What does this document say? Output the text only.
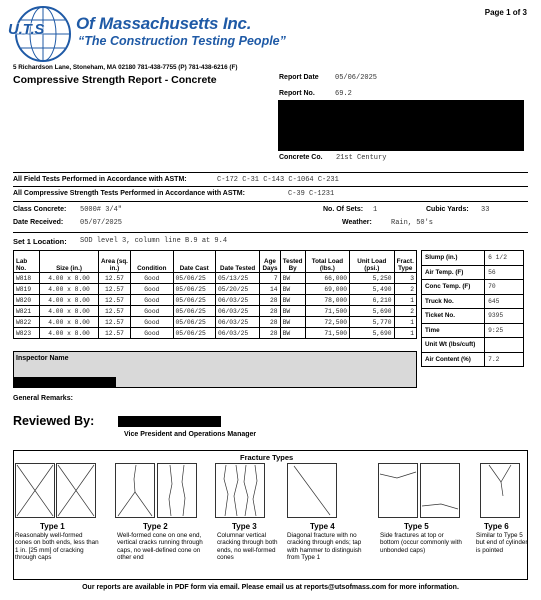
Page 1 of 3
U.T.S Of Massachusetts Inc.
“The Construction Testing People”
5 Richardson Lane, Stoneham, MA 02180 781-438-7755 (P) 781-438-6216 (F)
Compressive Strength Report - Concrete	Report Date 05/06/2025
Report No.	69.2
Concrete Co. 21st Century
All Field Tests Performed in Accordance with ASTM:	C-172 C-31 C-143 C-1064 C-231
All Compressive Strength Tests Performed in Accordance with ASTM:	C-39 C-1231
Class Concrete: 5000# 3/4"	No. Of Sets: 1	Cubic Yards: 33
Date Received: 05/07/2025	Weather:	Rain, 50's
Set 1 Location: SOD level 3, column line B.9 at 9.4
Lab No.	Size (in.)	Area (sq. in.)	Condition	Date Cast	Date Tested	Age Days	Tested By	Total Load (lbs.)	Unit Load (psi.)	Fract. Type
W818	4.00 x 8.00	12.57	Good	05/06/25	05/13/25	7	BW	66,000	5,250	3
W819	4.00 x 8.00	12.57	Good	05/06/25	05/20/25	14	BW	69,000	5,490	2
W820	4.00 x 8.00	12.57	Good	05/06/25	06/03/25	28	BW	78,000	6,210	1
W821	4.00 x 8.00	12.57	Good	05/06/25	06/03/25	28	BW	71,500	5,690	2
W822	4.00 x 8.00	12.57	Good	05/06/25	06/03/25	28	BW	72,500	5,770	1
W823	4.00 x 8.00	12.57	Good	05/06/25	06/03/25	28	BW	71,500	5,690	1
Slump (in.)	6 1/2
Air Temp. (F)	56
Conc Temp. (F)	70
Truck No.	645
Ticket No.	9395
Time	9:25
Unit Wt (lbs/cuft)	
Air Content (%)	7.2
Inspector Name
General Remarks:
Reviewed By:
Vice President and Operations Manager
Fracture Types
Type 1
Reasonably well-formed cones on both ends, less than 1 in. [25 mm] of cracking through caps
Type 2
Well-formed cone on one end, vertical cracks running through caps, no well-defined cone on other end
Type 3
Columnar vertical cracking through both ends, no well-formed cones
Type 4
Diagonal fracture with no cracking through ends; tap with hammer to distinguish from Type 1
Type 5
Side fractures at top or bottom (occur commonly with unbonded caps)
Type 6
Similar to Type 5 but end of cylinder is pointed
Our reports are available in PDF form via email. Please email us at reports@utsofmass.com for more information.
